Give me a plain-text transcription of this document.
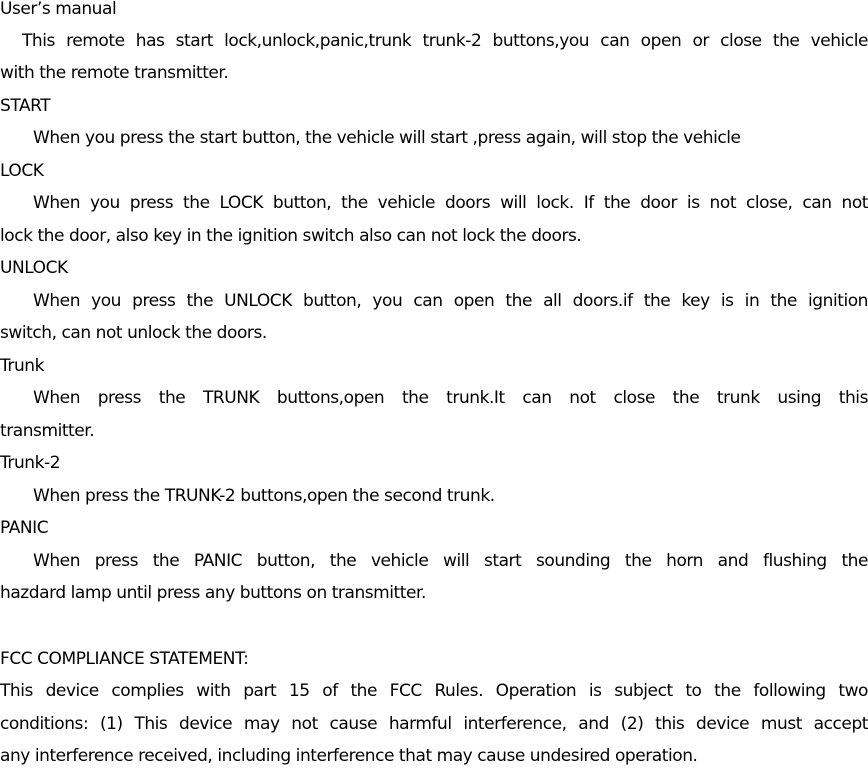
User’s manual
This remote has start lock,unlock,panic,trunk trunk-2 buttons,you can open or close the vehicle
with the remote transmitter.
START
When you press the start button, the vehicle will start ,press again, will stop the vehicle
LOCK
When you press the LOCK button, the vehicle doors will lock. If the door is not close, can not
lock the door, also key in the ignition switch also can not lock the doors.
UNLOCK
When you press the UNLOCK button, you can open the all doors.if the key is in the ignition
switch, can not unlock the doors.
Trunk
When press the TRUNK buttons,open the trunk.It can not close the trunk using this
transmitter.
Trunk-2
When press the TRUNK-2 buttons,open the second trunk.
PANIC
When press the PANIC button, the vehicle will start sounding the horn and flushing the
hazdard lamp until press any buttons on transmitter.
FCC COMPLIANCE STATEMENT:
This device complies with part 15 of the FCC Rules. Operation is subject to the following two
conditions: (1) This device may not cause harmful interference, and (2) this device must accept
any interference received, including interference that may cause undesired operation.
